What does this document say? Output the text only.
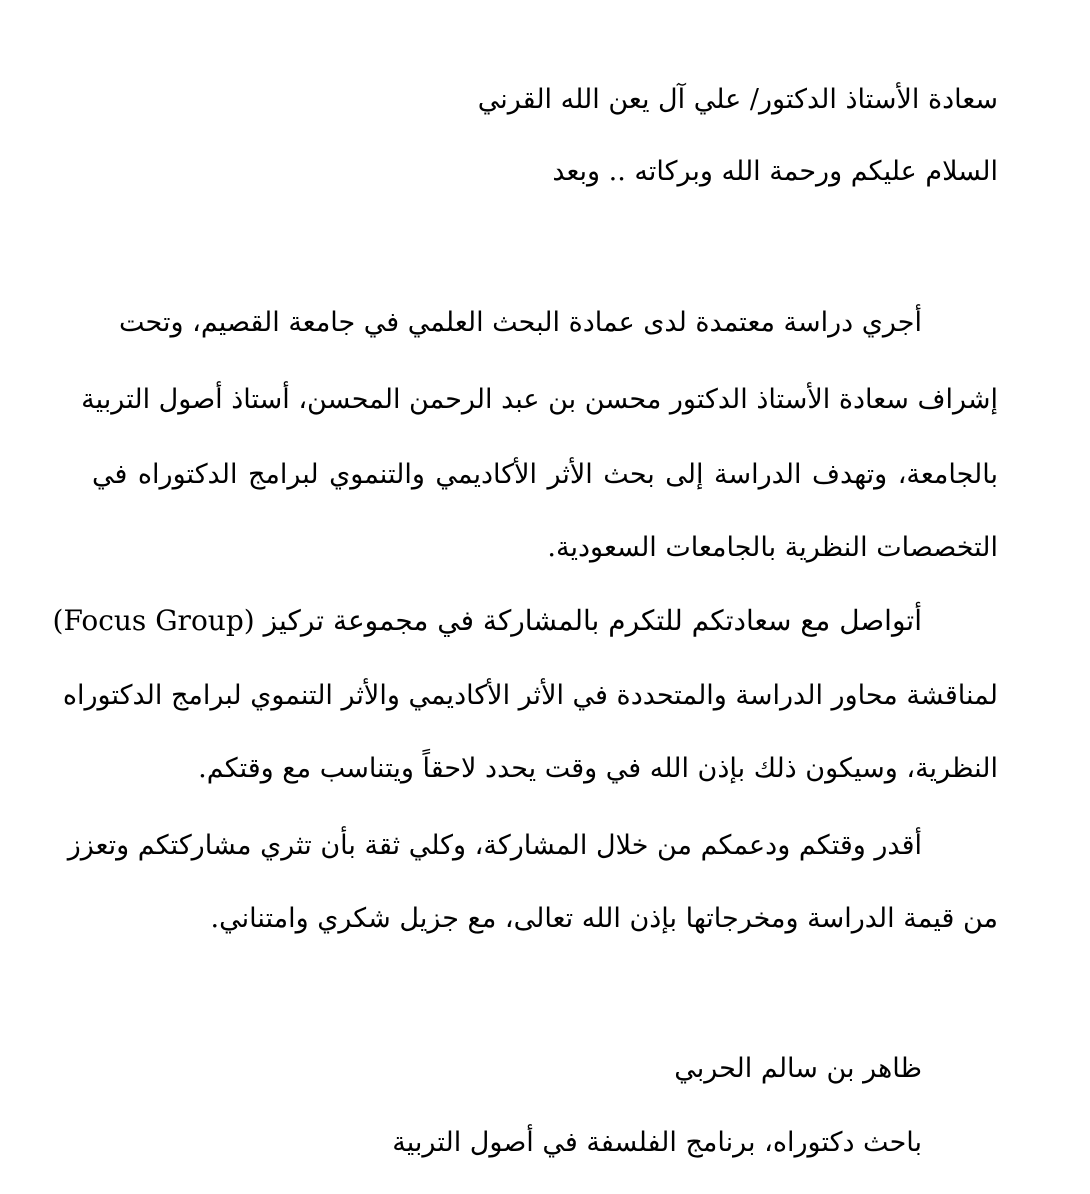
سعادة الأستاذ الدكتور/ علي آل يعن الله القرني

السلام عليكم ورحمة الله وبركاته .. وبعد

أجري دراسة معتمدة لدى عمادة البحث العلمي في جامعة القصيم، وتحت

إشراف سعادة الأستاذ الدكتور محسن بن عبد الرحمن المحسن، أستاذ أصول التربية

بالجامعة، وتهدف الدراسة إلى بحث الأثر الأكاديمي والتنموي لبرامج الدكتوراه في

التخصصات النظرية بالجامعات السعودية.

أتواصل مع سعادتكم للتكرم بالمشاركة في مجموعة تركيز (Focus Group)

لمناقشة محاور الدراسة والمتحددة في الأثر الأكاديمي والأثر التنموي لبرامج الدكتوراه

النظرية، وسيكون ذلك بإذن الله في وقت يحدد لاحقاً ويتناسب مع وقتكم.

أقدر وقتكم ودعمكم من خلال المشاركة، وكلي ثقة بأن تثري مشاركتكم وتعزز

من قيمة الدراسة ومخرجاتها بإذن الله تعالى، مع جزيل شكري وامتناني.

ظاهر بن سالم الحربي

باحث دكتوراه، برنامج الفلسفة في أصول التربية
